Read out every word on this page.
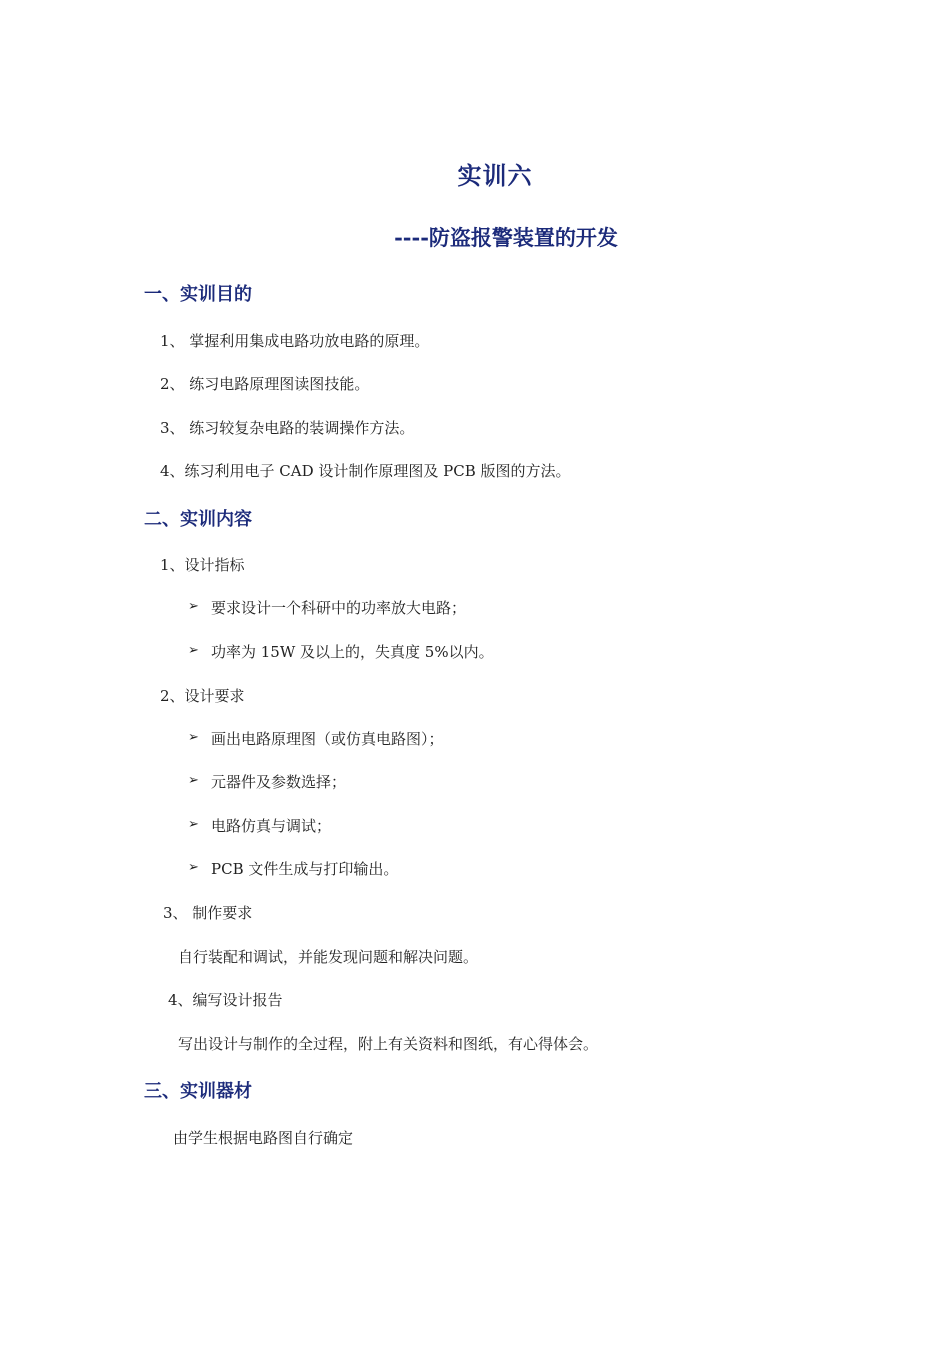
实训六
----防盗报警装置的开发
一、实训目的
1、 掌握利用集成电路功放电路的原理。
2、 练习电路原理图读图技能。
3、 练习较复杂电路的装调操作方法。
4、练习利用电子 CAD 设计制作原理图及 PCB 版图的方法。
二、实训内容
1、设计指标
➢ 要求设计一个科研中的功率放大电路；
➢ 功率为 15W 及以上的，失真度 5%以内。
2、设计要求
➢ 画出电路原理图（或仿真电路图）；
➢ 元器件及参数选择；
➢ 电路仿真与调试；
➢ PCB 文件生成与打印输出。
3、 制作要求
自行装配和调试，并能发现问题和解决问题。
4、编写设计报告
写出设计与制作的全过程，附上有关资料和图纸，有心得体会。
三、实训器材
由学生根据电路图自行确定
